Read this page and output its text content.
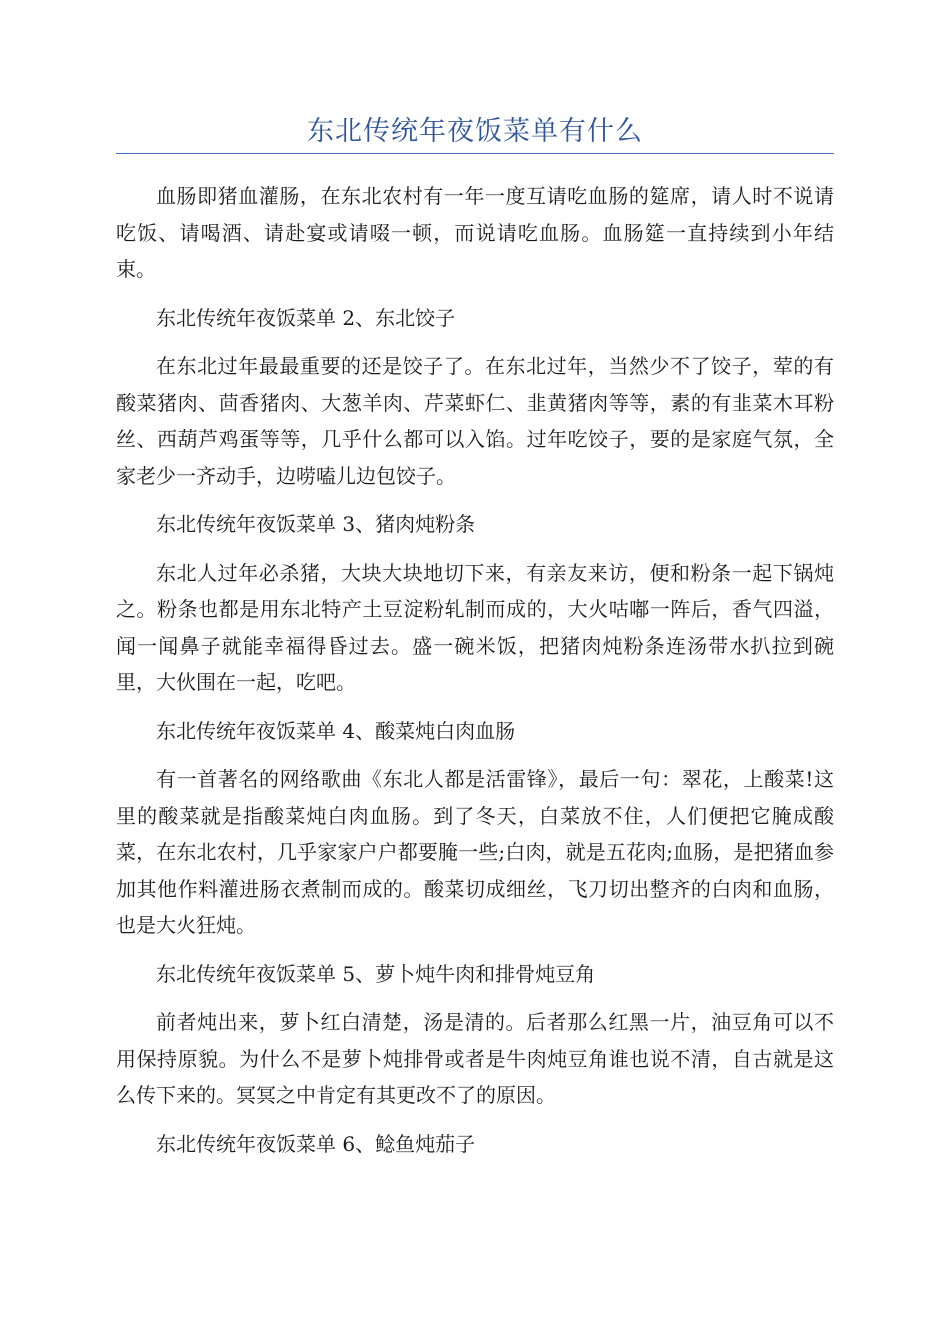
东北传统年夜饭菜单有什么

血肠即猪血灌肠，在东北农村有一年一度互请吃血肠的筵席，请人时不说请吃饭、请喝酒、请赴宴或请啜一顿，而说请吃血肠。血肠筵一直持续到小年结束。

东北传统年夜饭菜单 2、东北饺子

在东北过年最最重要的还是饺子了。在东北过年，当然少不了饺子，荤的有酸菜猪肉、茴香猪肉、大葱羊肉、芹菜虾仁、韭黄猪肉等等，素的有韭菜木耳粉丝、西葫芦鸡蛋等等，几乎什么都可以入馅。过年吃饺子，要的是家庭气氛，全家老少一齐动手，边唠嗑儿边包饺子。

东北传统年夜饭菜单 3、猪肉炖粉条

东北人过年必杀猪，大块大块地切下来，有亲友来访，便和粉条一起下锅炖之。粉条也都是用东北特产土豆淀粉轧制而成的，大火咕嘟一阵后，香气四溢，闻一闻鼻子就能幸福得昏过去。盛一碗米饭，把猪肉炖粉条连汤带水扒拉到碗里，大伙围在一起，吃吧。

东北传统年夜饭菜单 4、酸菜炖白肉血肠

有一首著名的网络歌曲《东北人都是活雷锋》，最后一句：翠花，上酸菜!这里的酸菜就是指酸菜炖白肉血肠。到了冬天，白菜放不住，人们便把它腌成酸菜，在东北农村，几乎家家户户都要腌一些;白肉，就是五花肉;血肠，是把猪血参加其他作料灌进肠衣煮制而成的。酸菜切成细丝，飞刀切出整齐的白肉和血肠，也是大火狂炖。

东北传统年夜饭菜单 5、萝卜炖牛肉和排骨炖豆角

前者炖出来，萝卜红白清楚，汤是清的。后者那么红黑一片，油豆角可以不用保持原貌。为什么不是萝卜炖排骨或者是牛肉炖豆角谁也说不清，自古就是这么传下来的。冥冥之中肯定有其更改不了的原因。

东北传统年夜饭菜单 6、鲶鱼炖茄子
